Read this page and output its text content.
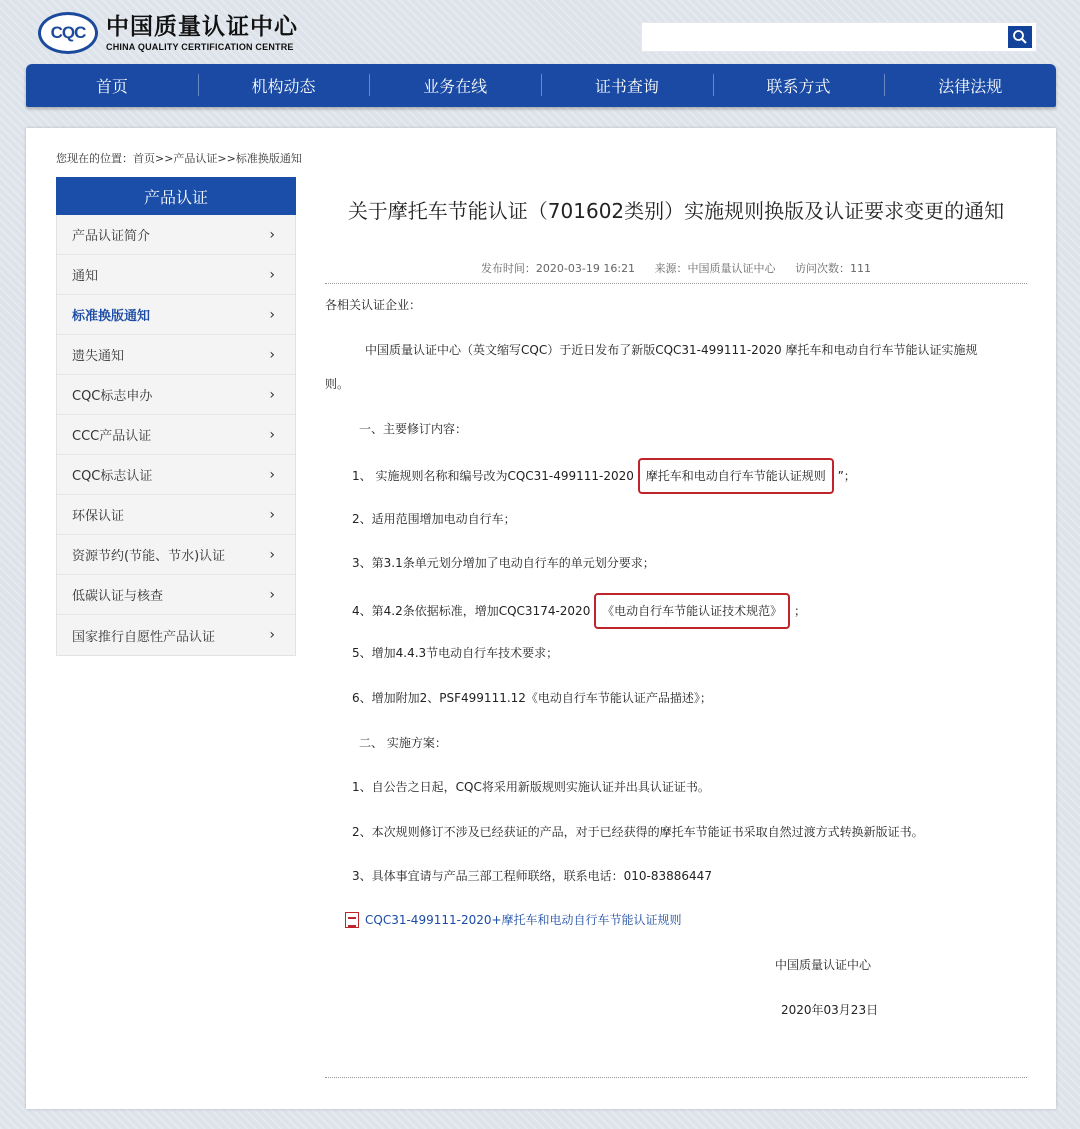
CQC 中国质量认证中心
CHINA QUALITY CERTIFICATION CENTRE
首页	机构动态	业务在线	证书查询	联系方式	法律法规
您现在的位置：首页>>产品认证>>标准换版通知
产品认证
产品认证简介	›
通知	›
标准换版通知	›
遗失通知	›
CQC标志申办	›
CCC产品认证	›
CQC标志认证	›
环保认证	›
资源节约(节能、节水)认证	›
低碳认证与核查	›
国家推行自愿性产品认证	›
关于摩托车节能认证（701602类别）实施规则换版及认证要求变更的通知
发布时间：2020-03-19 16:21 来源：中国质量认证中心 访问次数：111
各相关认证企业：
中国质量认证中心（英文缩写CQC）于近日发布了新版CQC31-499111-2020 摩托车和电动自行车节能认证实施规
则。
一、主要修订内容：
1、 实施规则名称和编号改为CQC31-499111-2020 摩托车和电动自行车节能认证规则 ”；
2、适用范围增加电动自行车；
3、第3.1条单元划分增加了电动自行车的单元划分要求；
4、第4.2条依据标准，增加CQC3174-2020 《电动自行车节能认证技术规范》 ；
5、增加4.4.3节电动自行车技术要求；
6、增加附加2、PSF499111.12《电动自行车节能认证产品描述》；
二、 实施方案：
1、自公告之日起，CQC将采用新版规则实施认证并出具认证证书。
2、本次规则修订不涉及已经获证的产品，对于已经获得的摩托车节能证书采取自然过渡方式转换新版证书。
3、具体事宜请与产品三部工程师联络，联系电话：010-83886447
CQC31-499111-2020+摩托车和电动自行车节能认证规则
中国质量认证中心
2020年03月23日
